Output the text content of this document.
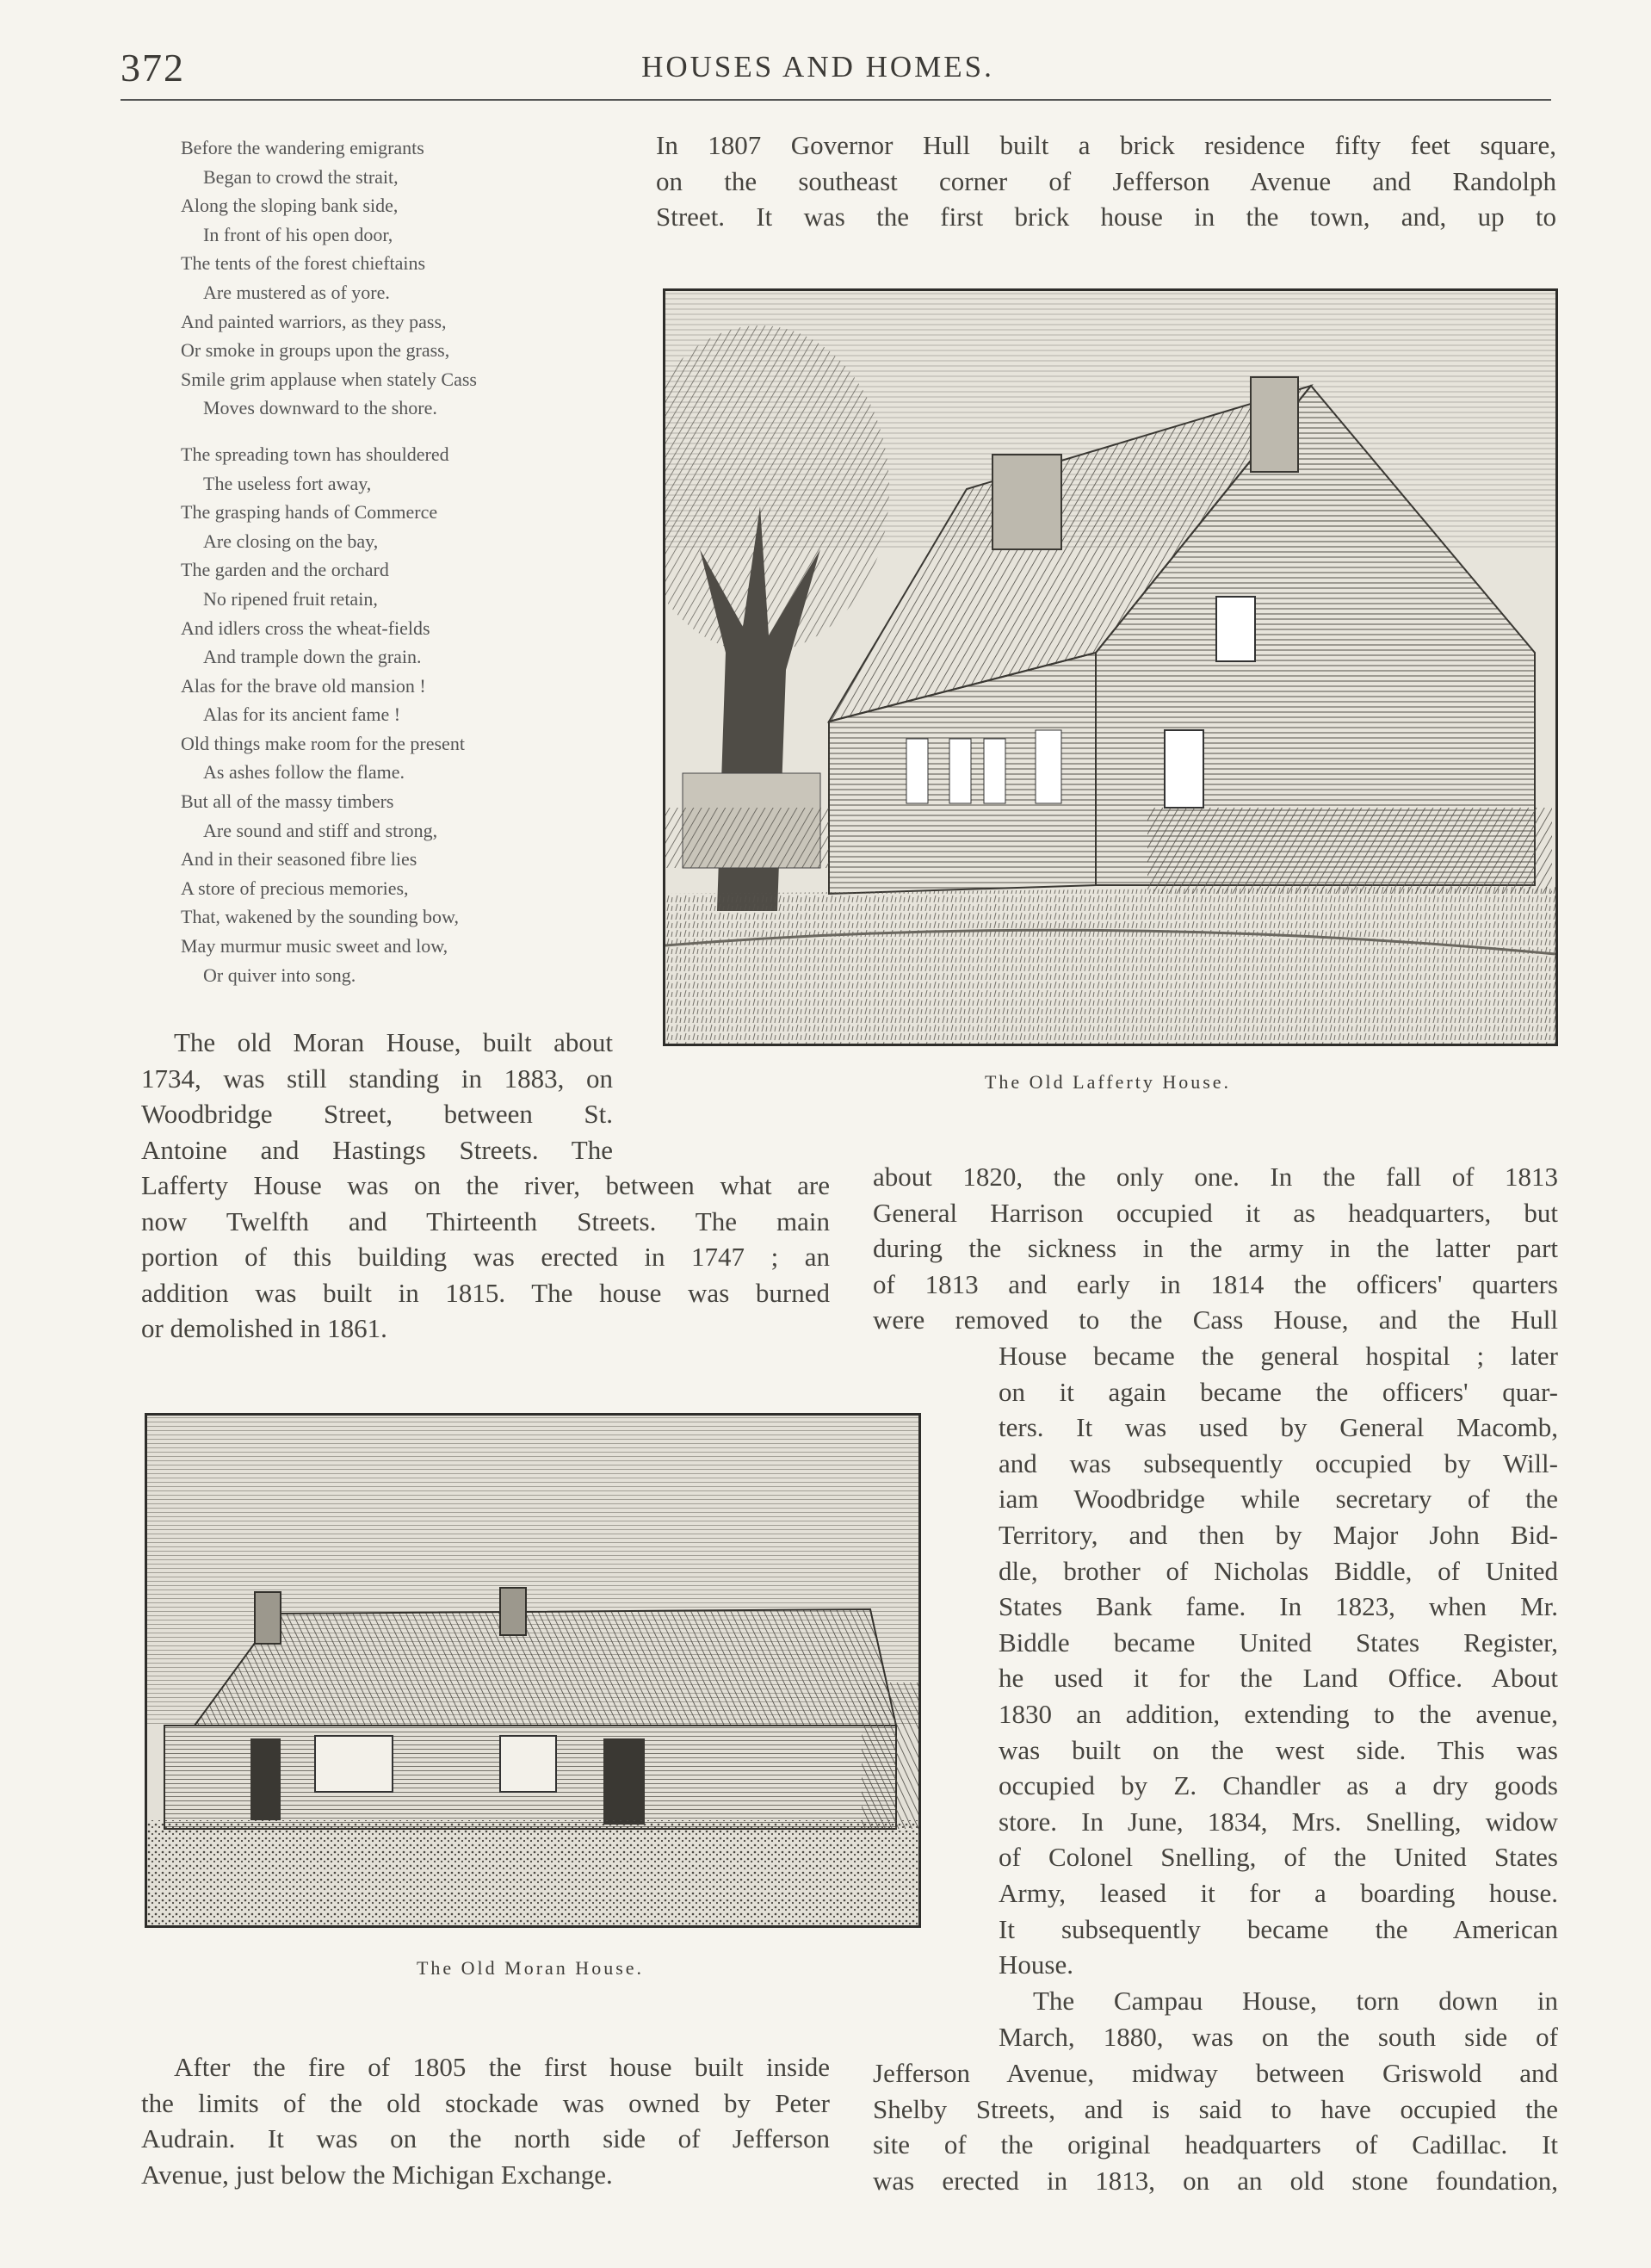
372	HOUSES AND HOMES.
Before the wandering emigrants
Began to crowd the strait,
Along the sloping bank side,
In front of his open door,
The tents of the forest chieftains
Are mustered as of yore.
And painted warriors, as they pass,
Or smoke in groups upon the grass,
Smile grim applause when stately Cass
Moves downward to the shore.
The spreading town has shouldered
The useless fort away,
The grasping hands of Commerce
Are closing on the bay,
The garden and the orchard
No ripened fruit retain,
And idlers cross the wheat-fields
And trample down the grain.
Alas for the brave old mansion !
Alas for its ancient fame !
Old things make room for the present
As ashes follow the flame.
But all of the massy timbers
Are sound and stiff and strong,
And in their seasoned fibre lies
A store of precious memories,
That, wakened by the sounding bow,
May murmur music sweet and low,
Or quiver into song.
In 1807 Governor Hull built a brick residence fifty feet square,
on the southeast corner of Jefferson Avenue and Randolph
Street. It was the first brick house in the town, and, up to
The Old Lafferty House.
The old Moran House, built about
1734, was still standing in 1883, on
Woodbridge Street, between St.
Antoine and Hastings Streets. The
Lafferty House was on the river, between what are
now Twelfth and Thirteenth Streets. The main
portion of this building was erected in 1747 ; an
addition was built in 1815. The house was burned
or demolished in 1861.
about 1820, the only one. In the fall of 1813
General Harrison occupied it as headquarters, but
during the sickness in the army in the latter part
of 1813 and early in 1814 the officers' quarters
were removed to the Cass House, and the Hull
The Old Moran House.
House became the general hospital ; later
on it again became the officers' quar-
ters. It was used by General Macomb,
and was subsequently occupied by Will-
iam Woodbridge while secretary of the
Territory, and then by Major John Bid-
dle, brother of Nicholas Biddle, of United
States Bank fame. In 1823, when Mr.
Biddle became United States Register,
he used it for the Land Office. About
1830 an addition, extending to the avenue,
was built on the west side. This was
occupied by Z. Chandler as a dry goods
store. In June, 1834, Mrs. Snelling, widow
of Colonel Snelling, of the United States
Army, leased it for a boarding house.
It subsequently became the American
House.
The Campau House, torn down in
March, 1880, was on the south side of
Jefferson Avenue, midway between Griswold and
Shelby Streets, and is said to have occupied the
site of the original headquarters of Cadillac. It
was erected in 1813, on an old stone foundation,
After the fire of 1805 the first house built inside
the limits of the old stockade was owned by Peter
Audrain. It was on the north side of Jefferson
Avenue, just below the Michigan Exchange.
